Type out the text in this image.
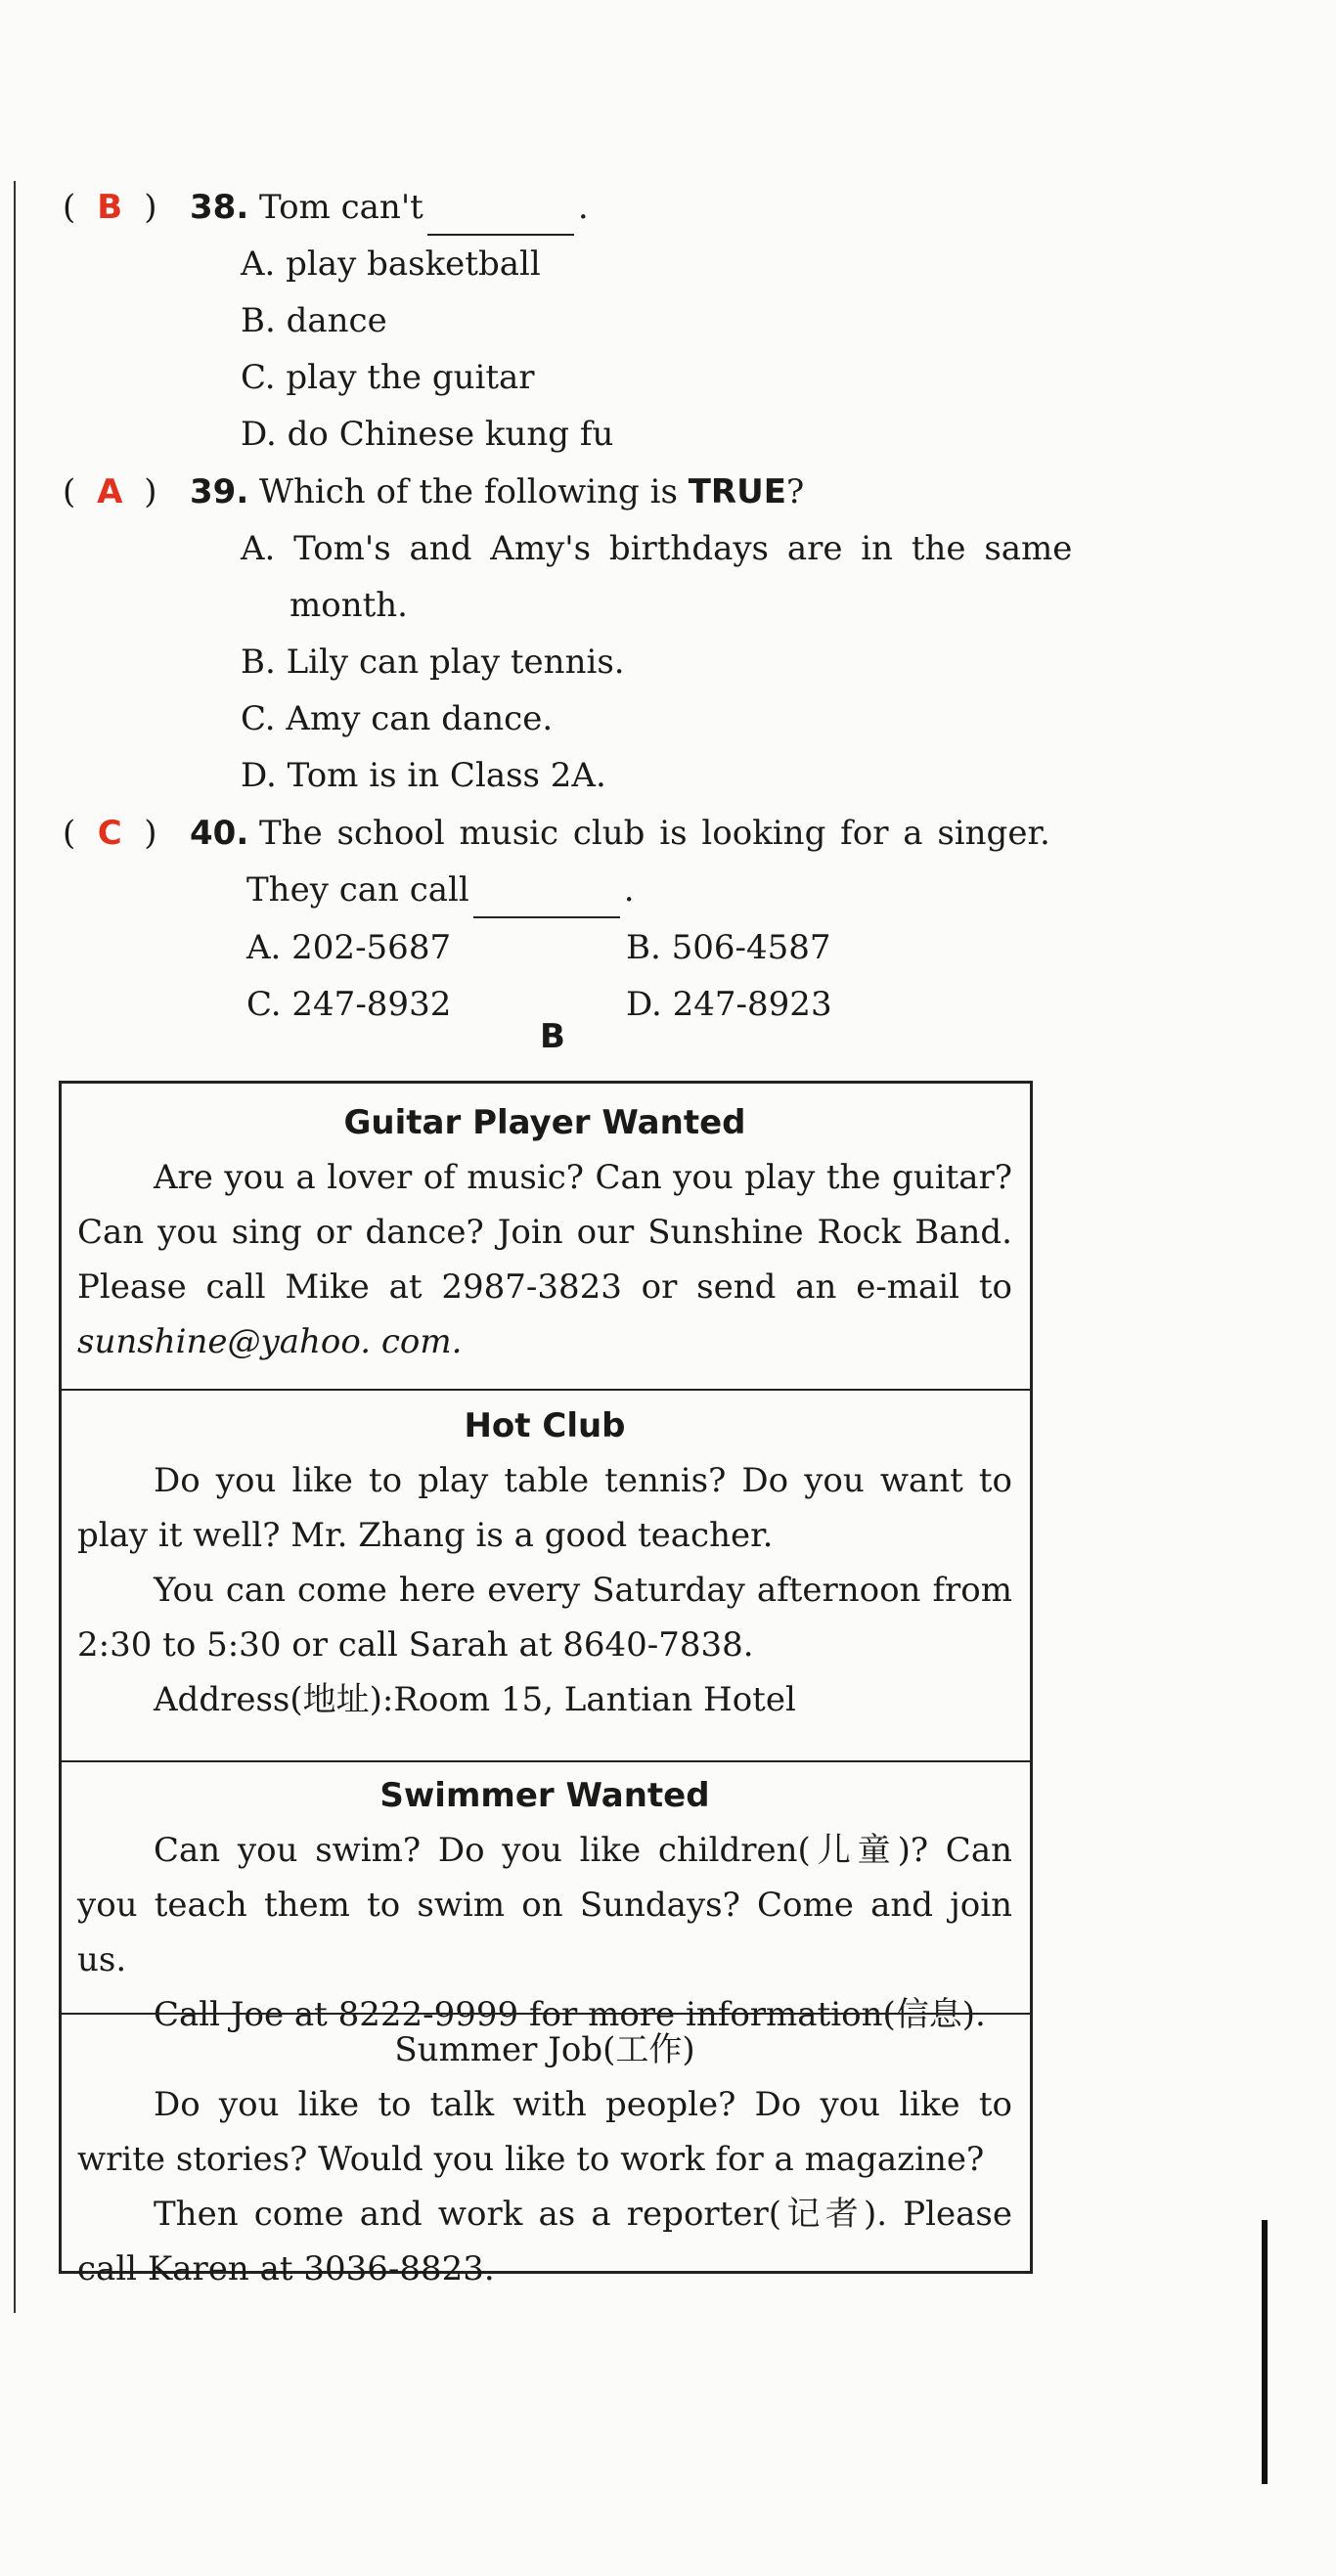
( B ) 38. Tom can't	.
A. play basketball
B. dance
C. play the guitar
D. do Chinese kung fu
( A ) 39. Which of the following is TRUE?
A. Tom's and Amy's birthdays are in the same
month.
B. Lily can play tennis.
C. Amy can dance.
D. Tom is in Class 2A.
( C ) 40. The school music club is looking for a singer.
They can call	.
A. 202-5687	B. 506-4587
C. 247-8932	D. 247-8923
B
Guitar Player Wanted

Are you a lover of music? Can you play the guitar? Can you sing or dance? Join our Sunshine Rock Band. Please call Mike at 2987-3823 or send an e-mail to sunshine@yahoo. com.

Hot Club

Do you like to play table tennis? Do you want to play it well? Mr. Zhang is a good teacher.

You can come here every Saturday afternoon from 2:30 to 5:30 or call Sarah at 8640-7838.

Address(地址):Room 15, Lantian Hotel

Swimmer Wanted

Can you swim? Do you like children(儿童)? Can you teach them to swim on Sundays? Come and join us.

Call Joe at 8222-9999 for more information(信息).

Summer Job(工作)

Do you like to talk with people? Do you like to write stories? Would you like to work for a magazine?

Then come and work as a reporter(记者). Please call Karen at 3036-8823.
